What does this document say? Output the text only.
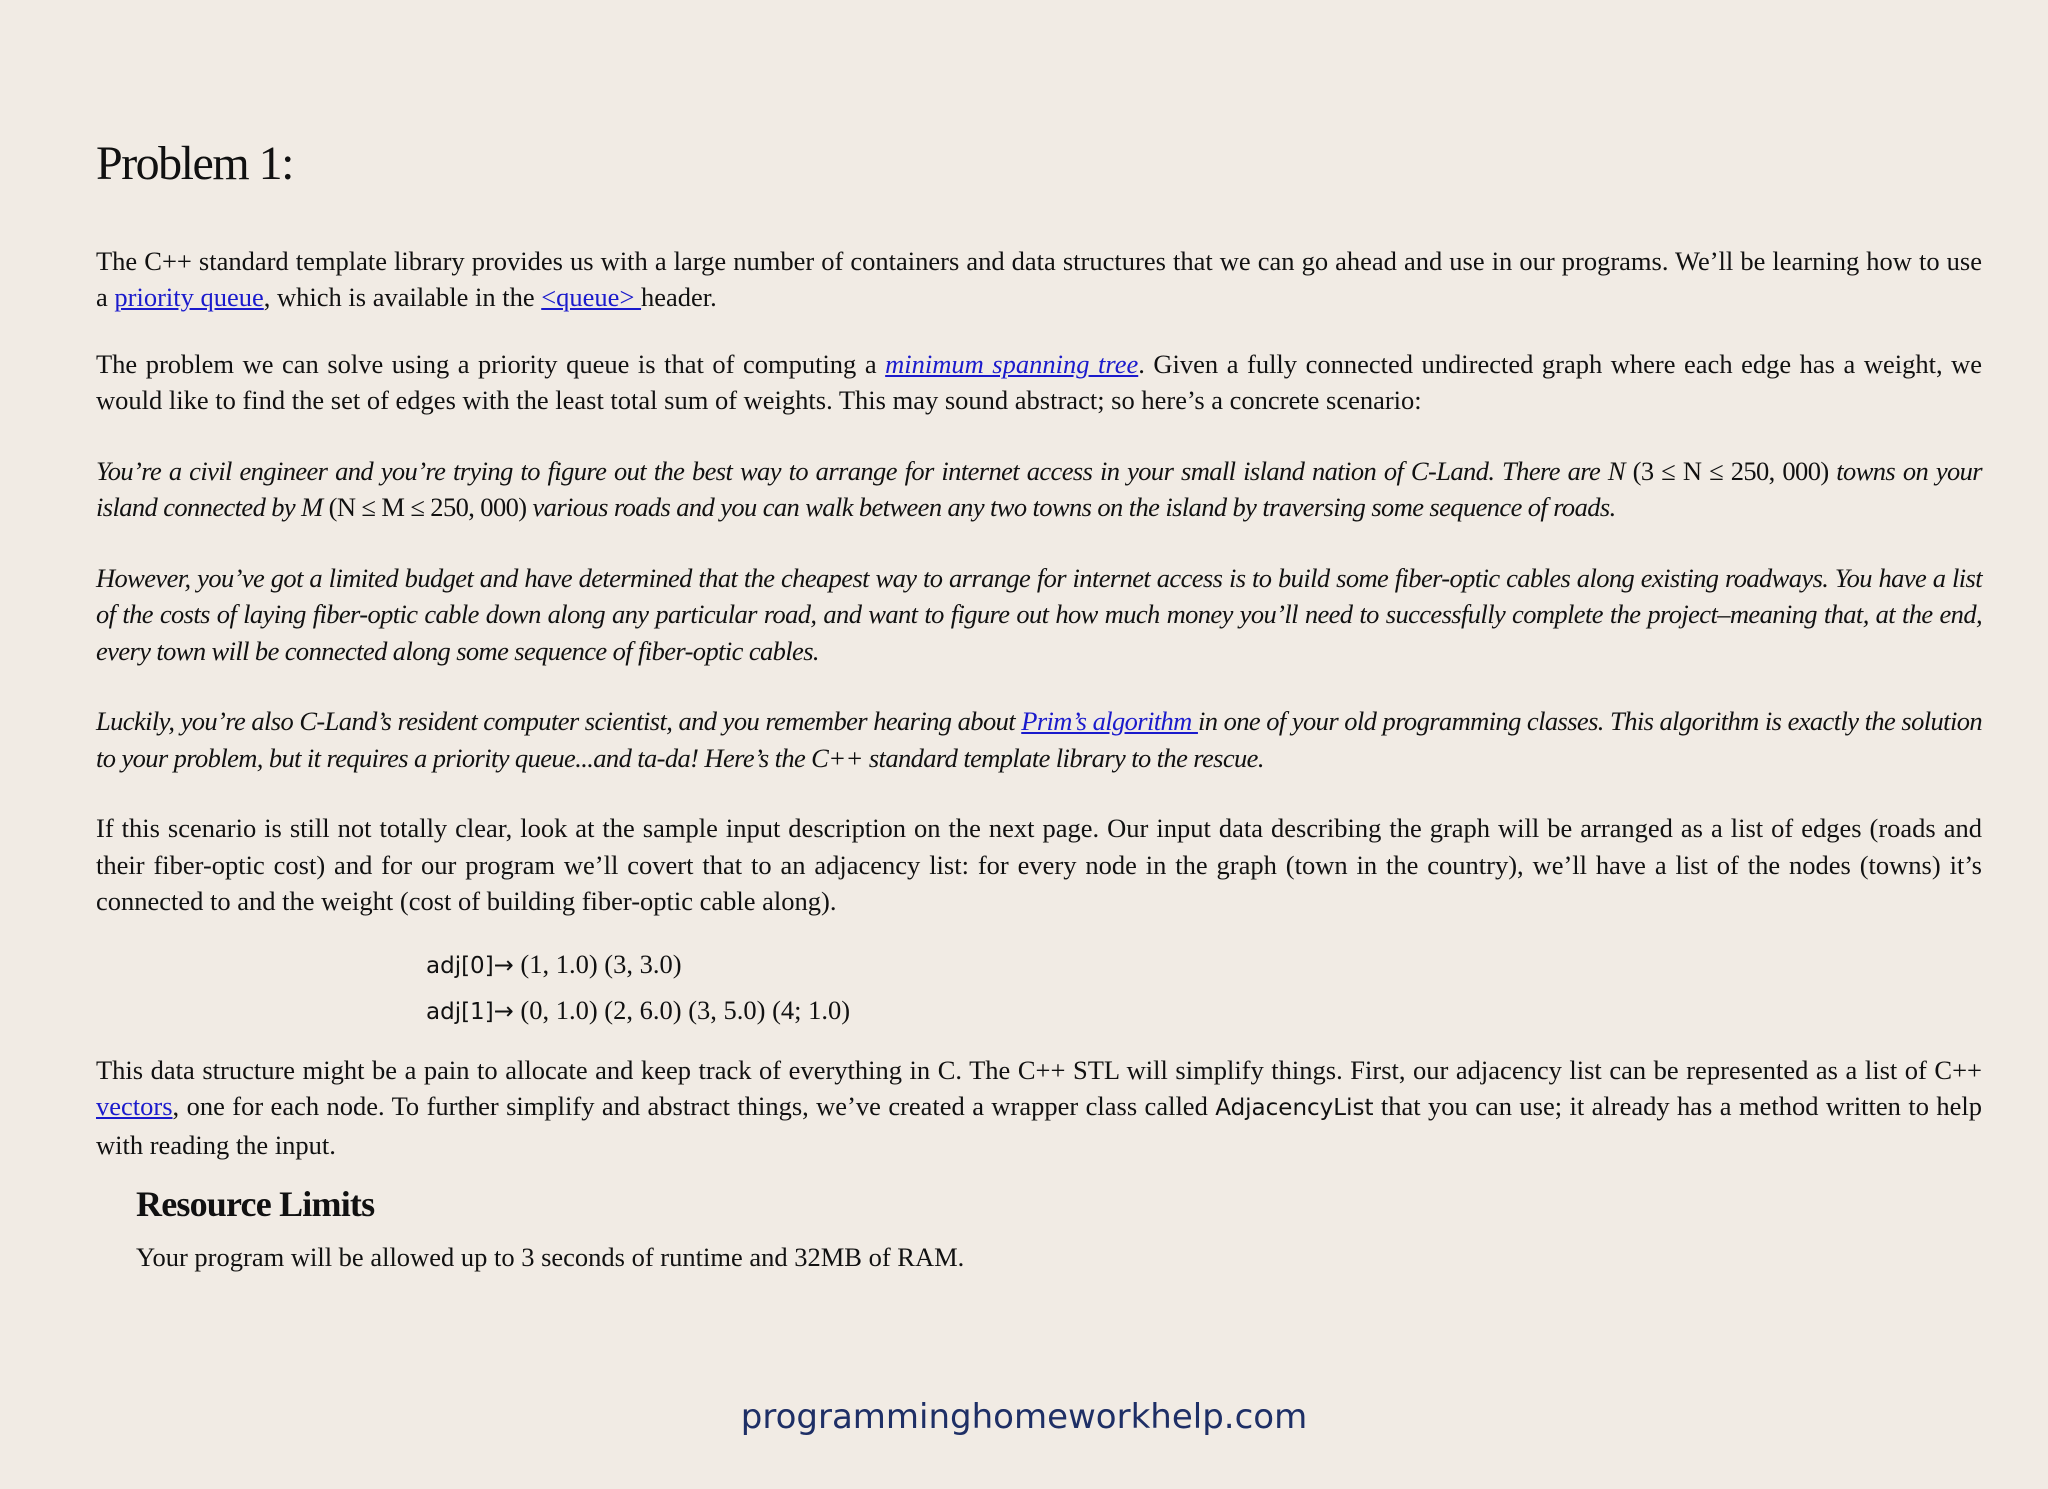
Problem 1:

The C++ standard template library provides us with a large number of containers and data structures that we can go ahead and use in our programs. We’ll be learning how to use a priority queue, which is available in the <queue> header.

The problem we can solve using a priority queue is that of computing a minimum spanning tree. Given a fully connected undirected graph where each edge has a weight, we would like to find the set of edges with the least total sum of weights. This may sound abstract; so here’s a concrete scenario:

You’re a civil engineer and you’re trying to figure out the best way to arrange for internet access in your small island nation of C-Land. There are N (3 ≤ N ≤ 250, 000) towns on your island connected by M (N ≤ M ≤ 250, 000) various roads and you can walk between any two towns on the island by traversing some sequence of roads.

However, you’ve got a limited budget and have determined that the cheapest way to arrange for internet access is to build some fiber-optic cables along existing roadways. You have a list of the costs of laying fiber-optic cable down along any particular road, and want to figure out how much money you’ll need to successfully complete the project–meaning that, at the end, every town will be connected along some sequence of fiber-optic cables.

Luckily, you’re also C-Land’s resident computer scientist, and you remember hearing about Prim’s algorithm in one of your old programming classes. This algorithm is exactly the solution to your problem, but it requires a priority queue...and ta-da! Here’s the C++ standard template library to the rescue.

If this scenario is still not totally clear, look at the sample input description on the next page. Our input data describing the graph will be arranged as a list of edges (roads and their fiber-optic cost) and for our program we’ll covert that to an adjacency list: for every node in the graph (town in the country), we’ll have a list of the nodes (towns) it’s connected to and the weight (cost of building fiber-optic cable along).

adj[0]→ (1, 1.0) (3, 3.0)
adj[1]→ (0, 1.0) (2, 6.0) (3, 5.0) (4; 1.0)

This data structure might be a pain to allocate and keep track of everything in C. The C++ STL will simplify things. First, our adjacency list can be represented as a list of C++ vectors, one for each node. To further simplify and abstract things, we’ve created a wrapper class called AdjacencyList that you can use; it already has a method written to help with reading the input.

Resource Limits

Your program will be allowed up to 3 seconds of runtime and 32MB of RAM.

programminghomeworkhelp.com
